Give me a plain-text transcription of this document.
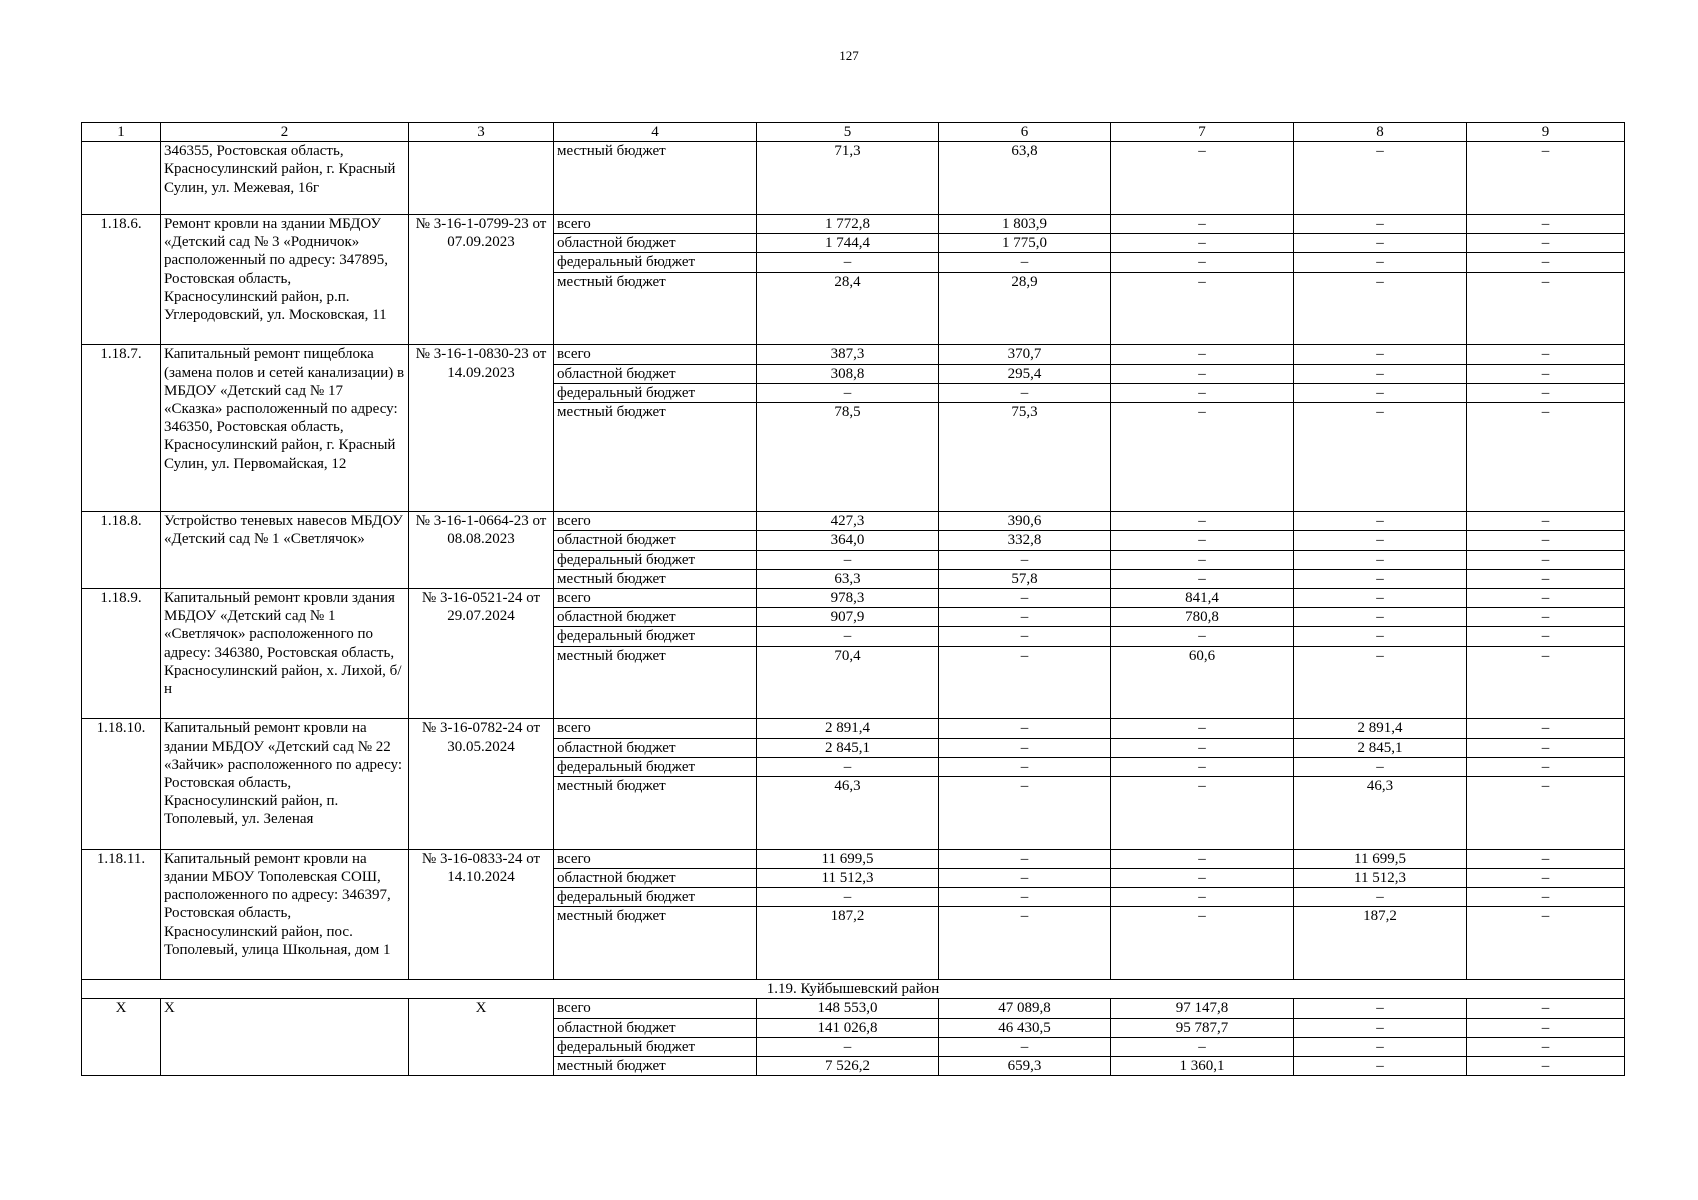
127
1	2	3	4	5	6	7	8	9
	346355, Ростовская область, Красносулинский район, г. Красный Сулин, ул. Межевая, 16г		местный бюджет	71,3	63,8	–	–	–
1.18.6.	Ремонт кровли на здании МБДОУ «Детский сад № 3 «Родничок» расположенный по адресу: 347895, Ростовская область, Красносулинский район, р.п. Углеродовский, ул. Московская, 11	№ 3-16-1-0799-23 от 07.09.2023	всего	1 772,8	1 803,9	–	–	–
			областной бюджет	1 744,4	1 775,0	–	–	–
			федеральный бюджет	–	–	–	–	–
			местный бюджет	28,4	28,9	–	–	–
1.18.7.	Капитальный ремонт пищеблока (замена полов и сетей канализации) в МБДОУ «Детский сад № 17 «Сказка» расположенный по адресу: 346350, Ростовская область, Красносулинский район, г. Красный Сулин, ул. Первомайская, 12	№ 3-16-1-0830-23 от 14.09.2023	всего	387,3	370,7	–	–	–
			областной бюджет	308,8	295,4	–	–	–
			федеральный бюджет	–	–	–	–	–
			местный бюджет	78,5	75,3	–	–	–
1.18.8.	Устройство теневых навесов МБДОУ «Детский сад № 1 «Светлячок»	№ 3-16-1-0664-23 от 08.08.2023	всего	427,3	390,6	–	–	–
			областной бюджет	364,0	332,8	–	–	–
			федеральный бюджет	–	–	–	–	–
			местный бюджет	63,3	57,8	–	–	–
1.18.9.	Капитальный ремонт кровли здания МБДОУ «Детский сад № 1 «Светлячок» расположенного по адресу: 346380, Ростовская область, Красносулинский район, х. Лихой, б/н	№ 3-16-0521-24 от 29.07.2024	всего	978,3	–	841,4	–	–
			областной бюджет	907,9	–	780,8	–	–
			федеральный бюджет	–	–	–	–	–
			местный бюджет	70,4	–	60,6	–	–
1.18.10.	Капитальный ремонт кровли на здании МБДОУ «Детский сад № 22 «Зайчик» расположенного по адресу: Ростовская область, Красносулинский район, п. Тополевый, ул. Зеленая	№ 3-16-0782-24 от 30.05.2024	всего	2 891,4	–	–	2 891,4	–
			областной бюджет	2 845,1	–	–	2 845,1	–
			федеральный бюджет	–	–	–	–	–
			местный бюджет	46,3	–	–	46,3	–
1.18.11.	Капитальный ремонт кровли на здании МБОУ Тополевская СОШ, расположенного по адресу: 346397, Ростовская область, Красносулинский район, пос. Тополевый, улица Школьная, дом 1	№ 3-16-0833-24 от 14.10.2024	всего	11 699,5	–	–	11 699,5	–
			областной бюджет	11 512,3	–	–	11 512,3	–
			федеральный бюджет	–	–	–	–	–
			местный бюджет	187,2	–	–	187,2	–
1.19. Куйбышевский район								
Х	Х	Х	всего	148 553,0	47 089,8	97 147,8	–	–
			областной бюджет	141 026,8	46 430,5	95 787,7	–	–
			федеральный бюджет	–	–	–	–	–
			местный бюджет	7 526,2	659,3	1 360,1	–	–
